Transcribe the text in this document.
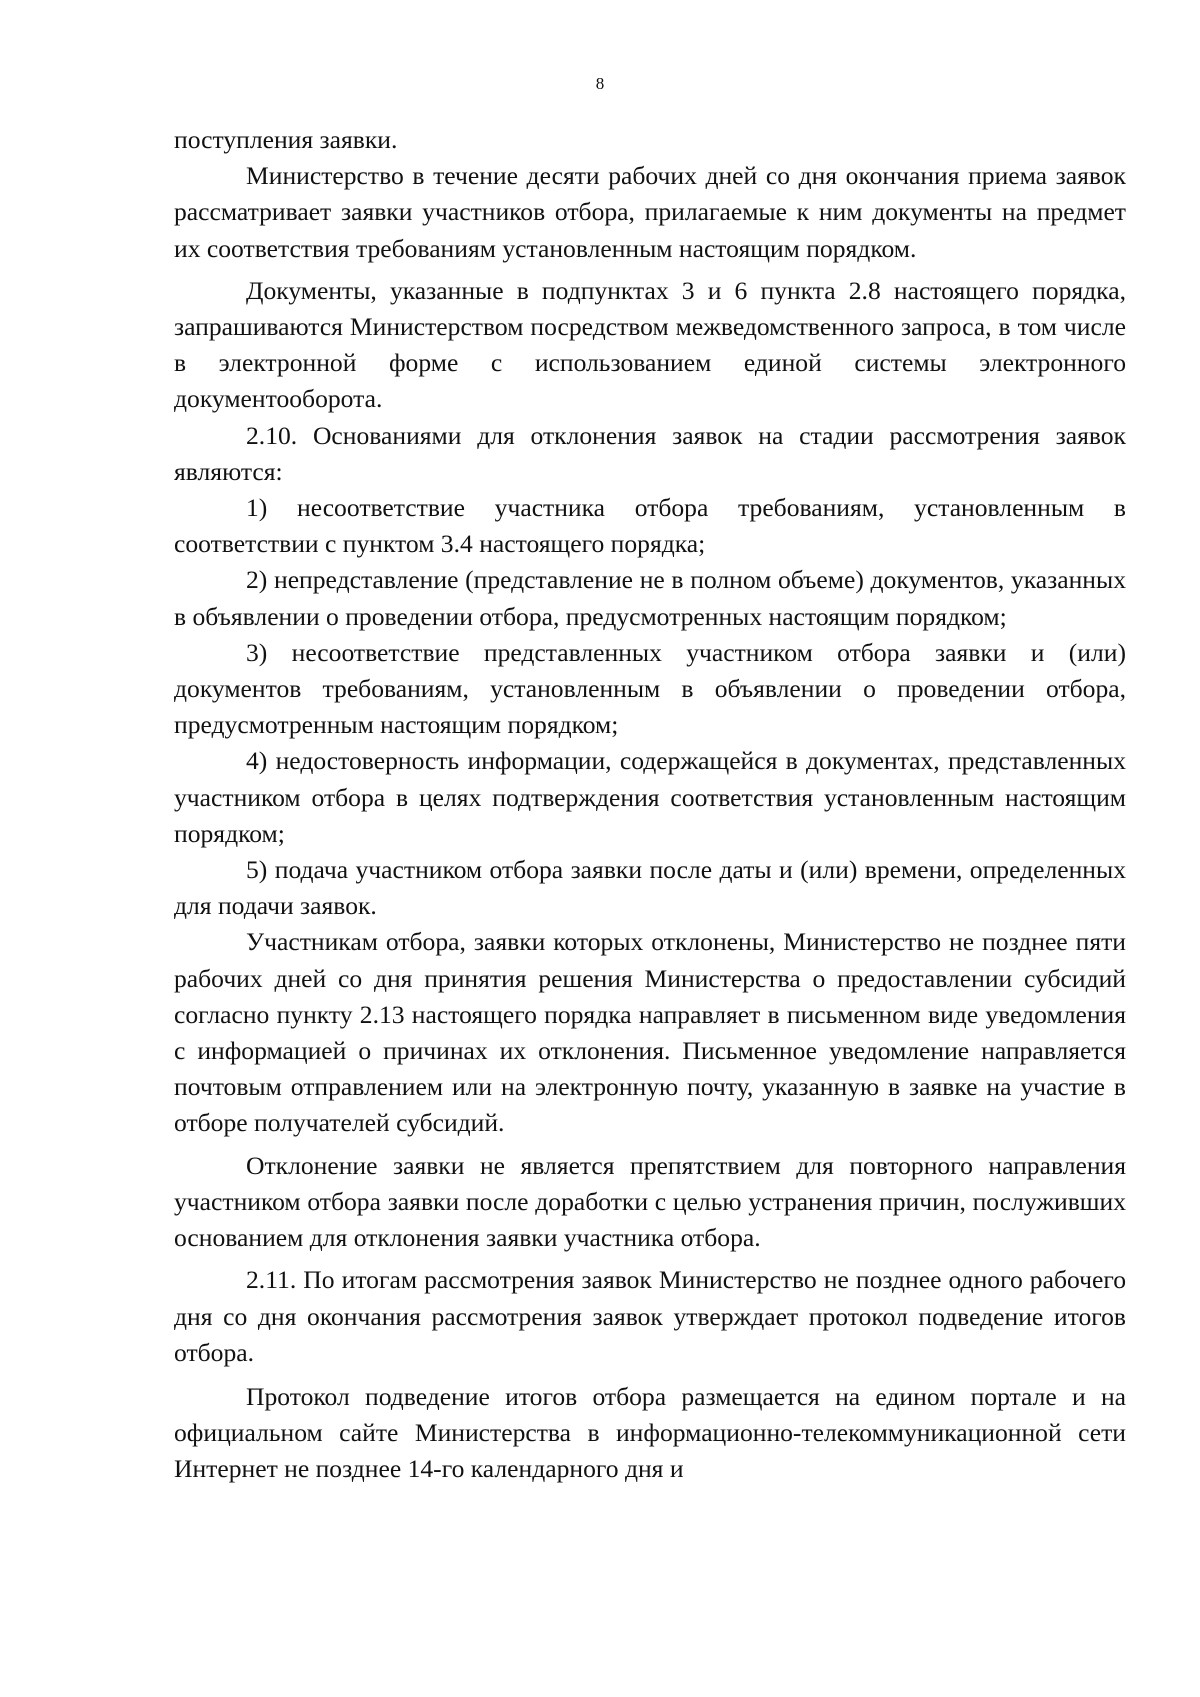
8

поступления заявки.

Министерство в течение десяти рабочих дней со дня окончания приема заявок рассматривает заявки участников отбора, прилагаемые к ним документы на предмет их соответствия требованиям установленным настоящим порядком.

Документы, указанные в подпунктах 3 и 6 пункта 2.8 настоящего порядка, запрашиваются Министерством посредством межведомственного запроса, в том числе в электронной форме с использованием единой системы электронного документооборота.

2.10. Основаниями для отклонения заявок на стадии рассмотрения заявок являются:

1) несоответствие участника отбора требованиям, установленным в соответствии с пунктом 3.4 настоящего порядка;

2) непредставление (представление не в полном объеме) документов, указанных в объявлении о проведении отбора, предусмотренных настоящим порядком;

3) несоответствие представленных участником отбора заявки и (или) документов требованиям, установленным в объявлении о проведении отбора, предусмотренным настоящим порядком;

4) недостоверность информации, содержащейся в документах, представленных участником отбора в целях подтверждения соответствия установленным настоящим порядком;

5) подача участником отбора заявки после даты и (или) времени, определенных для подачи заявок.

Участникам отбора, заявки которых отклонены, Министерство не позднее пяти рабочих дней со дня принятия решения Министерства о предоставлении субсидий согласно пункту 2.13 настоящего порядка направляет в письменном виде уведомления с информацией о причинах их отклонения. Письменное уведомление направляется почтовым отправлением или на электронную почту, указанную в заявке на участие в отборе получателей субсидий.

Отклонение заявки не является препятствием для повторного направления участником отбора заявки после доработки с целью устранения причин, послуживших основанием для отклонения заявки участника отбора.

2.11. По итогам рассмотрения заявок Министерство не позднее одного рабочего дня со дня окончания рассмотрения заявок утверждает протокол подведение итогов отбора.

Протокол подведение итогов отбора размещается на едином портале и на официальном сайте Министерства в информационно-телекоммуникационной сети Интернет не позднее 14-го календарного дня и
